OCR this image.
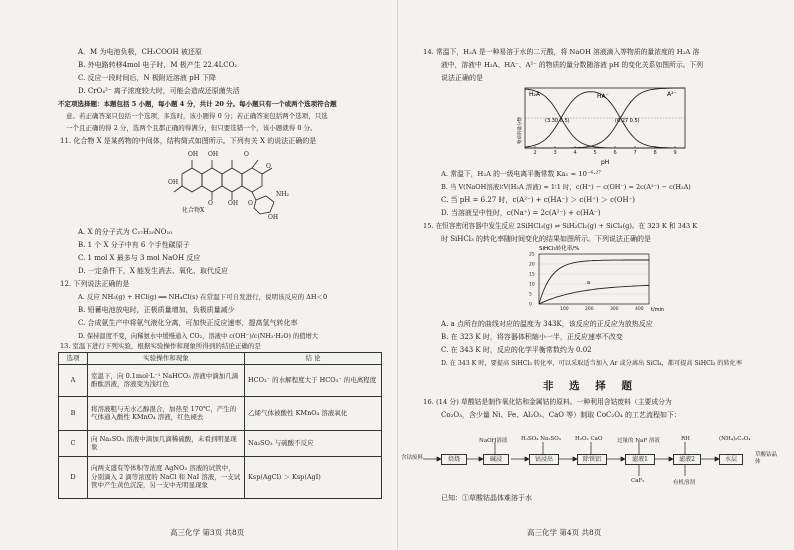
A．M 为电池负极，CH₃COOH 被还原
B. 外电路转移4mol 电子时，M 极产生 22.4LCO₂
C. 反应一段时间后，N 极附近溶液 pH 下降
D. CrO₄²⁻ 离子浓度较大时，可能会造成还原菌失活
不定项选择题：本题包括 5 小题，每小题 4 分，共计 20 分。每小题只有一个或两个选项符合题
意。若正确答案只包括一个选项，多选时，该小题得 0 分；若正确答案包括两个选项，只选
一个且正确的得 2 分，选两个且都正确的得满分，但只要选错一个，该小题就得 0 分。
11. 化合物 X 是某药物的中间体，结构简式如图所示。下列有关 X 的说法正确的是
OH OH	O
O
OH
O	OH O
NH₂
OH
化合物X
A. X 的分子式为 C₂₇H₂₉NO₁₀
B. 1 个 X 分子中有 6 个手性碳原子
C. 1 mol X 最多与 3 mol NaOH 反应
D. 一定条件下，X 能发生消去、氧化、取代反应
12. 下列说法正确的是
A. 反应 NH₃(g) + HCl(g) ══ NH₄Cl(s) 在常温下可自发进行，说明该反应的 ΔH＜0
B. 铅蓄电池放电时，正极质量增加，负极质量减少
C. 合成氨生产中将氨气液化分离，可加快正反应速率，提高氢气转化率
D. 保持温度不变，向稀氨水中缓慢通入 CO₂，溶液中 c(OH⁻)/c(NH₃·H₂O) 的值增大
选项	实验操作和现象	结 论
A	室温下，向 0.1mol·L⁻¹ NaHCO₃ 溶液中滴加几滴酚酞溶液，溶液变为浅红色	HCO₃⁻ 的水解程度大于 HCO₃⁻ 的电离程度
B	将溶液粗与无水乙醇混合，加热至 170℃，产生的气体通入酸性 KMnO₄ 溶液，红色褪去	乙烯气体被酸性 KMnO₄ 溶液氧化
C	向 Na₂SO₃ 溶液中滴加几滴稀硫酸，未看到明显现象	Na₂SO₃ 与硫酸不反应
D	向两支盛有等体积等浓度 AgNO₃ 溶液的试管中，分别滴入 2 滴等浓度的 NaCl 和 NaI 溶液，一支试管中产生黄色沉淀，另一支中无明显现象	Ksp(AgCl) ＞ Ksp(AgI)
13. 室温下进行下列实验，根据实验操作和现象所得到的结论正确的是
高三化学 第3页 共8页
14. 常温下，H₂A 是一种易溶于水的二元酸，将 NaOH 溶液滴入等物质的量浓度的 H₂A 溶
液中，溶液中 H₂A、HA⁻、A²⁻ 的物质的量分数随溶液 pH 的变化关系如图所示。下列
说法正确的是
2	3	4	5	6	7	8	9
H₂A	HA⁻	A²⁻
(3.30 0.5)	(6.27 0.5)
pH
物质的量分数
A. 常温下，H₂A 的一级电离平衡常数 Ka₁ = 10⁻⁶·²⁷
B. 当 V(NaOH溶液)∶V(H₂A 溶液) = 1∶1 时，c(H⁺) − c(OH⁻) = 2c(A²⁻) − c(H₂A)
C. 当 pH = 6.27 时，c(A²⁻) + c(HA⁻) ＞ c(H⁺) ＞ c(OH⁻)
D. 当溶液呈中性时，c(Na⁺) = 2c(A²⁻) + c(HA⁻)
15. 在恒容密闭容器中发生反应 2SiHCl₃(g) ⇌ SiH₂Cl₂(g) + SiCl₄(g)。在 323 K 和 343 K
时 SiHCl₃ 的转化率随时间变化的结果如图所示。下列说法正确的是
SiHCl₃转化率/%
25
20
15
10
5
0
100	200	300	400
a
t/min
A. a 点所在的曲线对应的温度为 343K，该反应的正反应为放热反应
B. 在 323 K 时，将容器体积缩小一半，正反应速率不改变
C. 在 343 K 时，反应的化学平衡常数约为 0.02
D. 在 343 K 时，要提高 SiHCl₃ 转化率，可以采取适当加入 Ar 或分离出 SiCl₄，都可提高 SiHCl₃ 的转化率
非 选 择 题
16. (14 分) 草酸钴是制作氧化钴和金属钴的原料。一种利用含钴废料（主要成分为
Co₂O₃，含少量 Ni、Fe、Al₂O₃、CaO 等）制取 CoC₂O₄ 的工艺流程如下：
含钴废料	焙烧	碱浸	钴浸出	除铁铝	滤液1	滤液2	水层
草酸钴晶体
NaOH溶液 H₂SO₄ Na₂SO₃	H₂O₂ CaO	过量的 NaF 溶液	RH	(NH₄)₂C₂O₄
CaF₂	有机溶剂
已知：①草酸钴晶体难溶于水
高三化学 第4页 共8页
